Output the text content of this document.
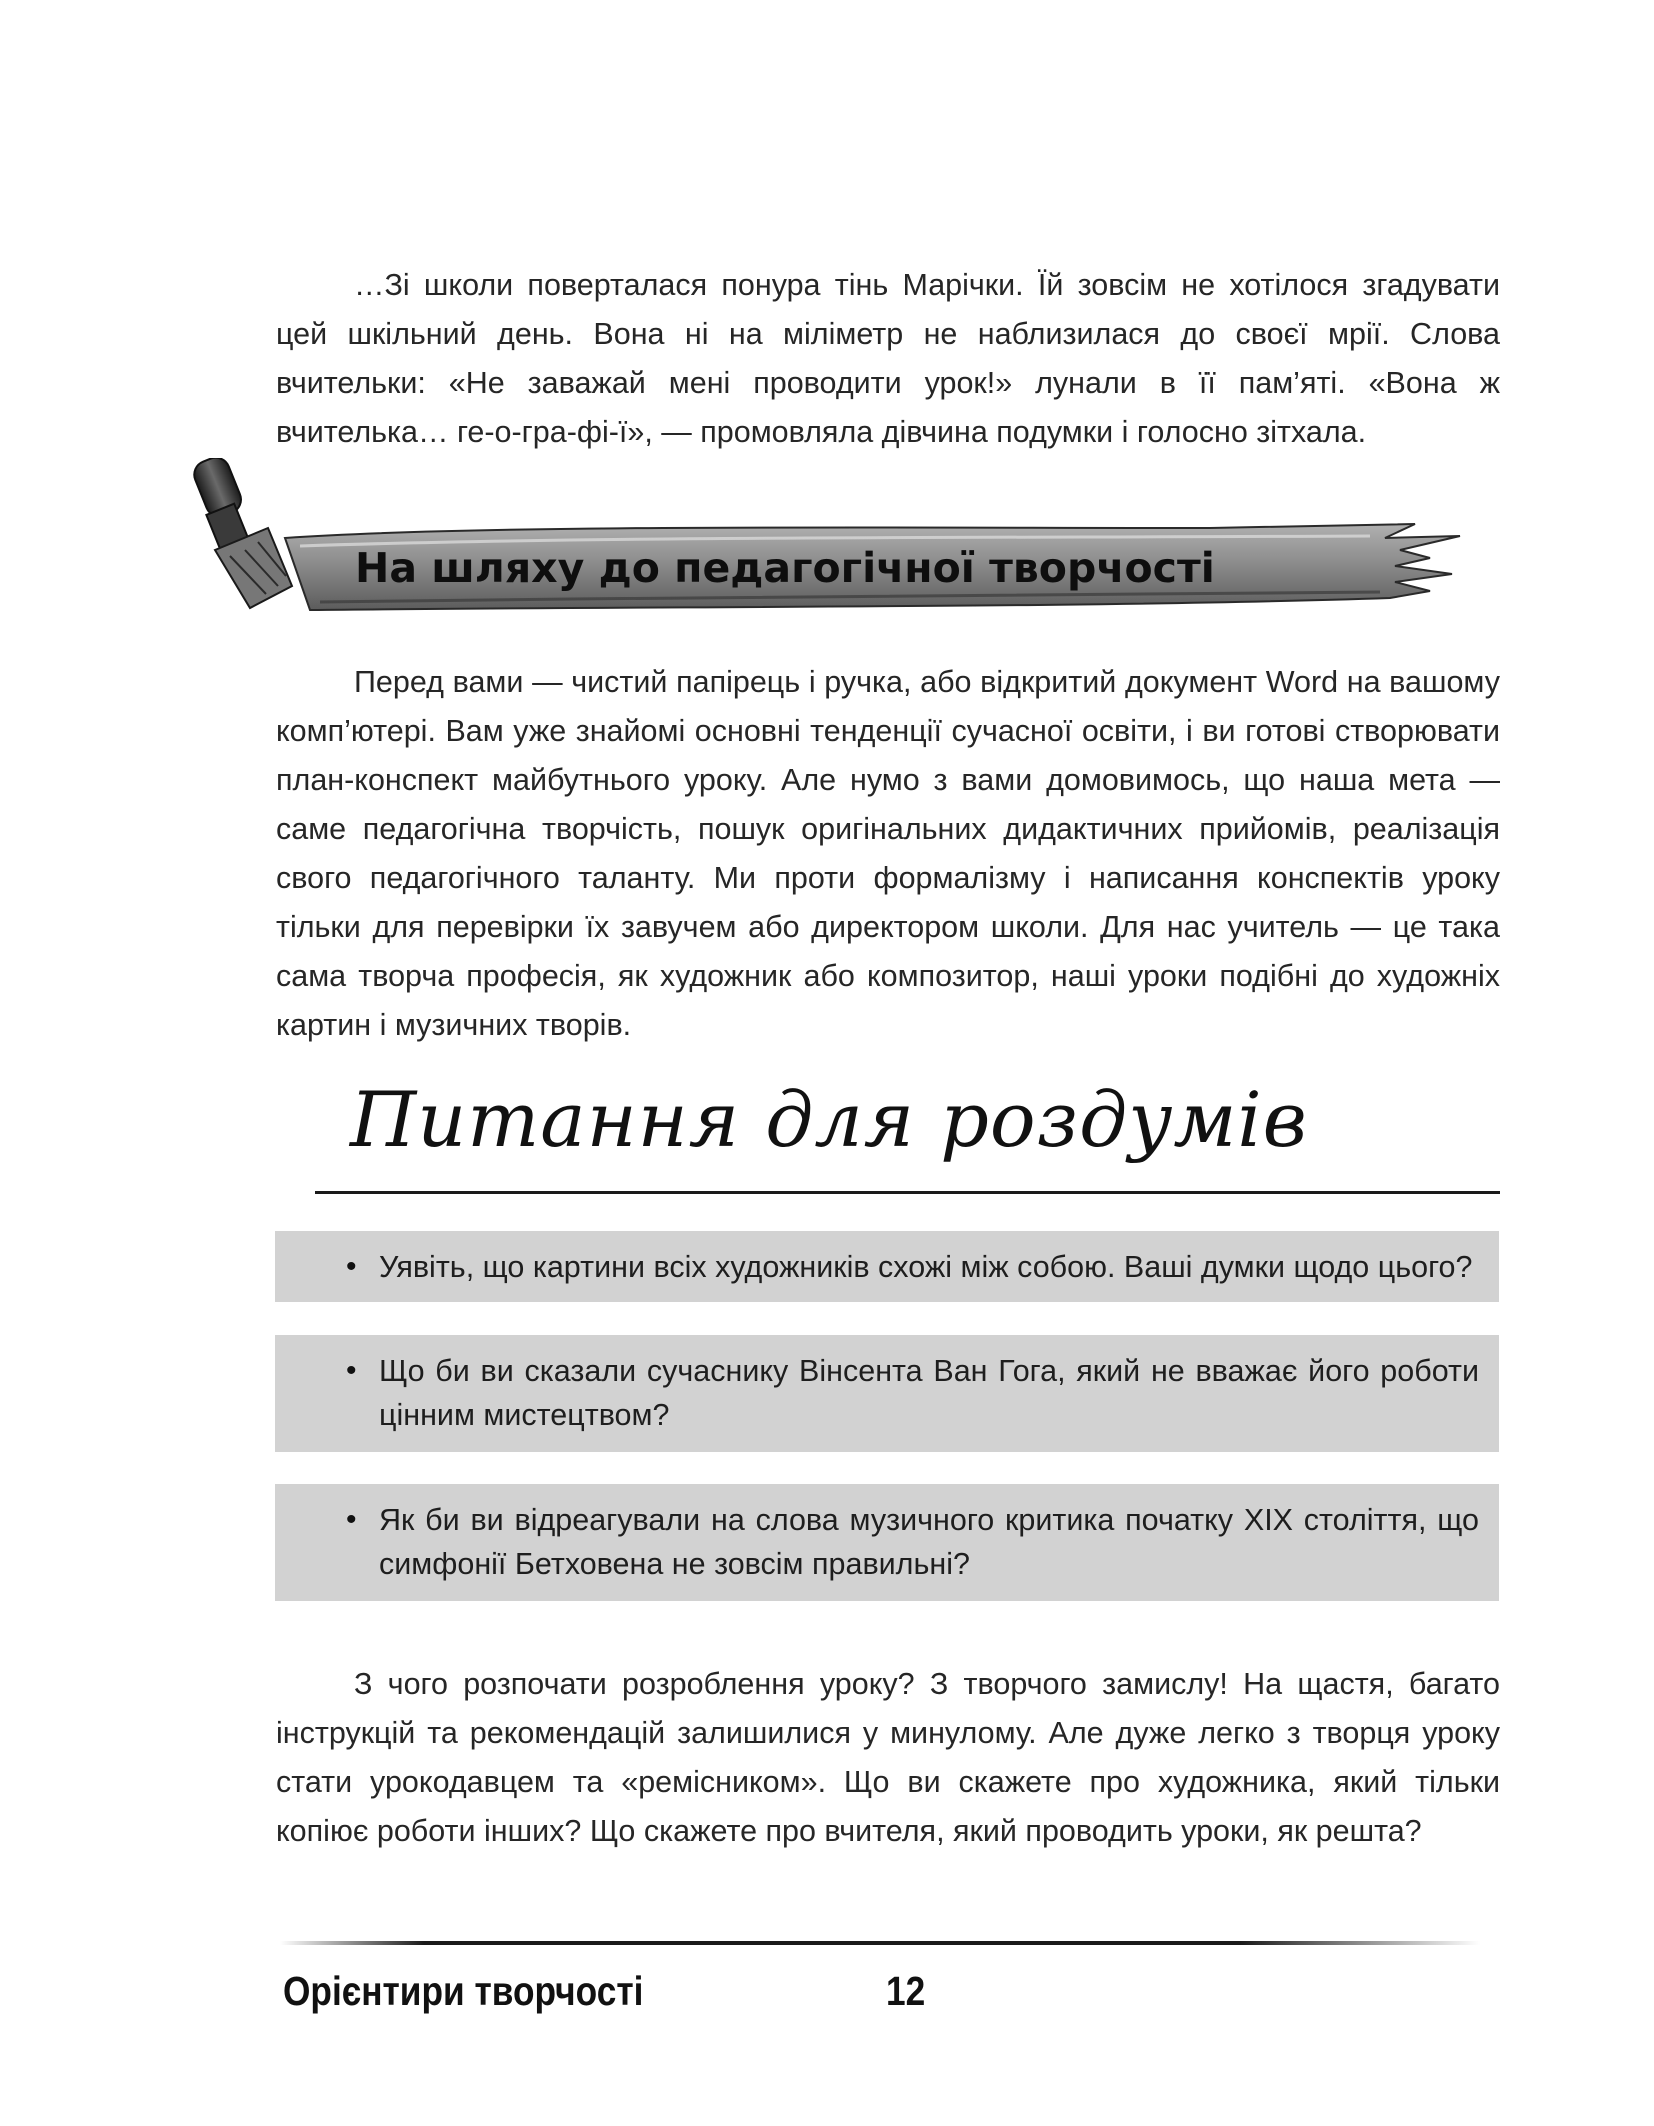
…Зі школи поверталася понура тінь Марічки. Їй зовсім не хотілося згадувати цей шкільний день. Вона ні на міліметр не наблизилася до своєї мрії. Слова вчительки: «Не заважай мені проводити урок!» лунали в її пам’яті. «Вона ж вчителька… ге-о-гра-фі-ї», — промовляла дівчина подумки і голосно зітхала.

На шляху до педагогічної творчості

Перед вами — чистий папірець і ручка, або відкритий документ Word на вашому комп’ютері. Вам уже знайомі основні тенденції сучасної освіти, і ви готові створювати план-конспект майбутнього уроку. Але нумо з вами домовимось, що наша мета — саме педагогічна творчість, пошук оригінальних дидактичних прийомів, реалізація свого педагогічного таланту. Ми проти формалізму і написання конспектів уроку тільки для перевірки їх завучем або директором школи. Для нас учитель — це така сама творча професія, як художник або композитор, наші уроки подібні до художніх картин і музичних творів.

Питання для роздумів
• Уявіть, що картини всіх художників схожі між собою. Ваші думки щодо цього?
• Що би ви сказали сучаснику Вінсента Ван Гога, який не вважає його роботи цінним мистецтвом?
• Як би ви відреагували на слова музичного критика початку ХІХ століття, що симфонії Бетховена не зовсім правильні?

З чого розпочати розроблення уроку? З творчого замислу! На щастя, багато інструкцій та рекомендацій залишилися у минулому. Але дуже легко з творця уроку стати урокодавцем та «ремісником». Що ви скажете про художника, який тільки копіює роботи інших? Що скажете про вчителя, який проводить уроки, як решта?

Орієнтири творчості	12
